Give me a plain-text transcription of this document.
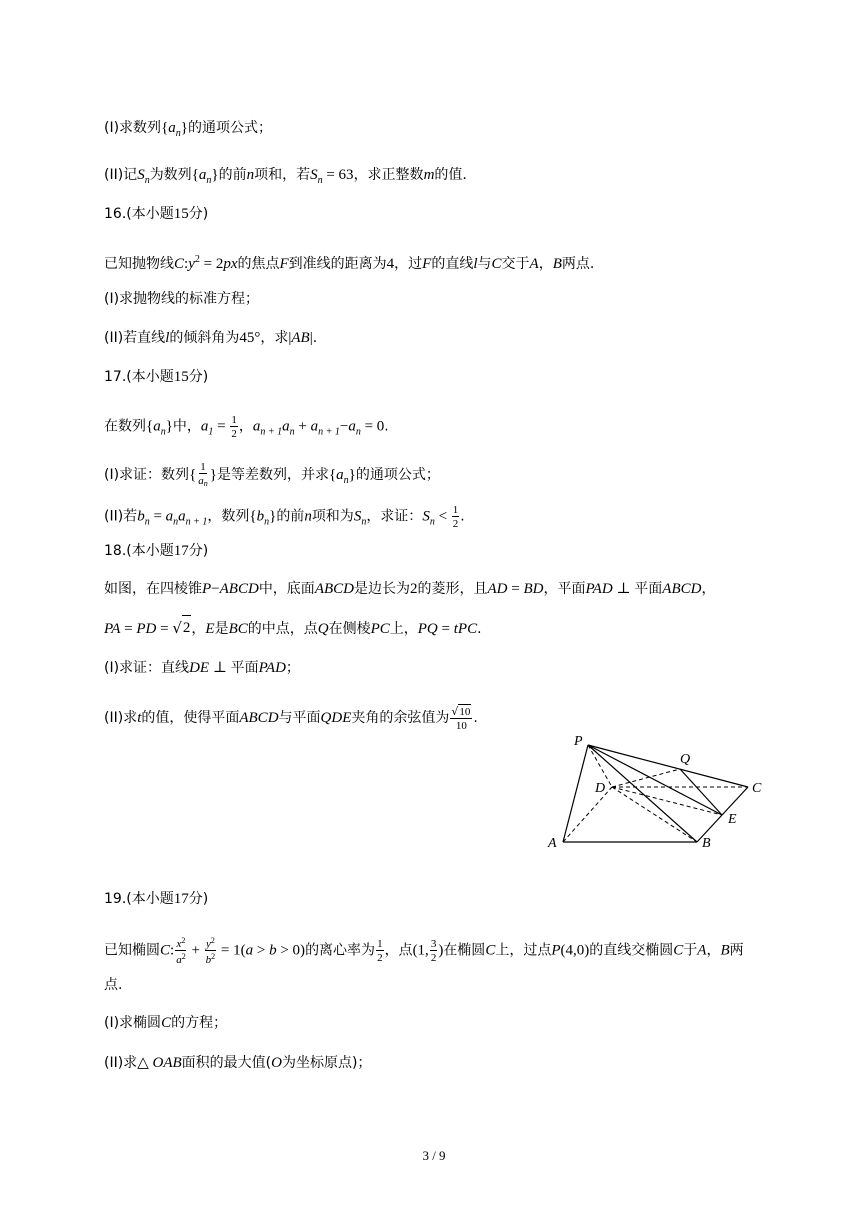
(I)求数列$\{a_n\}$的通项公式；
(II)记$S_n$为数列$\{a_n\}$的前n项和，若$S_n = 63$，求正整数m的值.
16.(本小题15分)
已知抛物线$C:y^2 = 2px$的焦点F到准线的距离为4，过F的直线l与C交于A，B两点.
(I)求抛物线的标准方程；
(II)若直线l的倾斜角为45°，求|AB|.
17.(本小题15分)
在数列$\{a_n\}$中，$a_1 = \frac{1}{2}$ ，$a_{n + 1}a_n + a_{n + 1}-a_n = 0$.
(I)求证：数列{ $\frac{1}{an}$ }是等差数列，并求$\{a_n\}$的通项公式；
(II)若$b_n = a_na_{n + 1}$，数列$\{b_n\}$的前n项和为$S_n$，求证：$S_n < \frac{1}{2}$ .
18.(本小题17分)
如图，在四棱锥P−ABCD中，底面ABCD是边长为2的菱形，且AD = BD，平面PAD ⊥ 平面ABCD，
PA = PD = √ 2 ，E是BC的中点，点Q在侧棱PC上，PQ = tPC.
(I)求证：直线DE ⊥ 平面PAD；
(II)求t的值，使得平面ABCD与平面QDE夹角的余弦值为 $\frac{√ 10}{10}$ .
P
Q
C
D
E
A	B
19.(本小题17分)
已知椭圆C: $\frac{x^2}{a^2} + \frac{y^2}{b^2} = 1(a > b > 0)$的离心率为 $\frac{1}{2}$ ，点(1, $\frac{3}{2}$ )在椭圆C上，过点P(4,0)的直线交椭圆C于A，B两
点.
(I)求椭圆C的方程；
(II)求△ OAB面积的最大值(O为坐标原点)；
3 / 9
